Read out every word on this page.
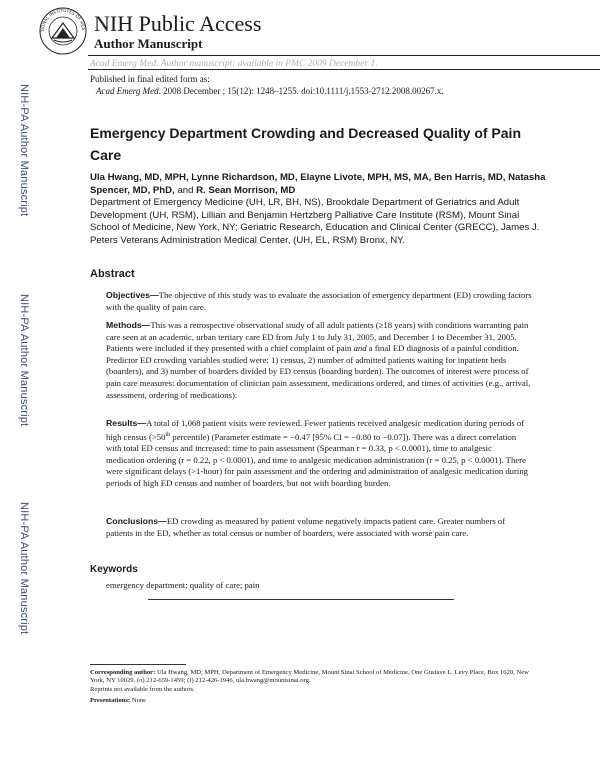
TIONAL INSTITUTES OF HEA NIH Public Access
Author Manuscript
Acad Emerg Med. Author manuscript; available in PMC 2009 December 1.
NIH-PA Author Manuscript
NIH-PA Author Manuscript
NIH-PA Author Manuscript
Published in final edited form as:
Acad Emerg Med. 2008 December ; 15(12): 1248–1255. doi:10.1111/j.1553-2712.2008.00267.x.
Emergency Department Crowding and Decreased Quality of Pain Care
Ula Hwang, MD, MPH, Lynne Richardson, MD, Elayne Livote, MPH, MS, MA, Ben Harris, MD, Natasha Spencer, MD, PhD, and R. Sean Morrison, MD
Department of Emergency Medicine (UH, LR, BH, NS), Brookdale Department of Geriatrics and Adult Development (UH, RSM), Lillian and Benjamin Hertzberg Palliative Care Institute (RSM), Mount Sinai School of Medicine, New York, NY; Geriatric Research, Education and Clinical Center (GRECC), James J. Peters Veterans Administration Medical Center, (UH, EL, RSM) Bronx, NY.
Abstract
Objectives—The objective of this study was to evaluate the association of emergency department (ED) crowding factors with the quality of pain care.
Methods—This was a retrospective observational study of all adult patients (≥18 years) with conditions warranting pain care seen at an academic, urban tertiary care ED from July 1 to July 31, 2005, and December 1 to December 31, 2005. Patients were included if they presented with a chief complaint of pain and a final ED diagnosis of a painful condition. Predictor ED crowding variables studied were: 1) census, 2) number of admitted patients waiting for inpatient beds (boarders), and 3) number of boarders divided by ED census (boarding burden). The outcomes of interest were process of pain care measures: documentation of clinician pain assessment, medications ordered, and times of activities (e.g., arrival, assessment, ordering of medications).
Results—A total of 1,068 patient visits were reviewed. Fewer patients received analgesic medication during periods of high census (>50th percentile) (Parameter estimate = −0.47 [95% CI = −0.80 to −0.07]). There was a direct correlation with total ED census and increased: time to pain assessment (Spearman r = 0.33, p < 0.0001), time to analgesic medication ordering (r = 0.22, p < 0.0001), and time to analgesic medication administration (r = 0.25, p < 0.0001). There were significant delays (>1-hour) for pain assessment and the ordering and administration of analgesic medication during periods of high ED census and number of boarders, but not with boarding burden.
Conclusions—ED crowding as measured by patient volume negatively impacts patient care. Greater numbers of patients in the ED, whether as total census or number of boarders, were associated with worse pain care.
Keywords
emergency department; quality of care; pain
Corresponding author: Ula Hwang, MD, MPH, Department of Emergency Medicine, Mount Sinai School of Medicine, One Gustave L. Levy Place, Box 1620, New York, NY 10029. (o) 212-659-1459; (f) 212-426-1946, ula.hwang@mountsinai.org.
Reprints not available from the authors.
Presentations: None
